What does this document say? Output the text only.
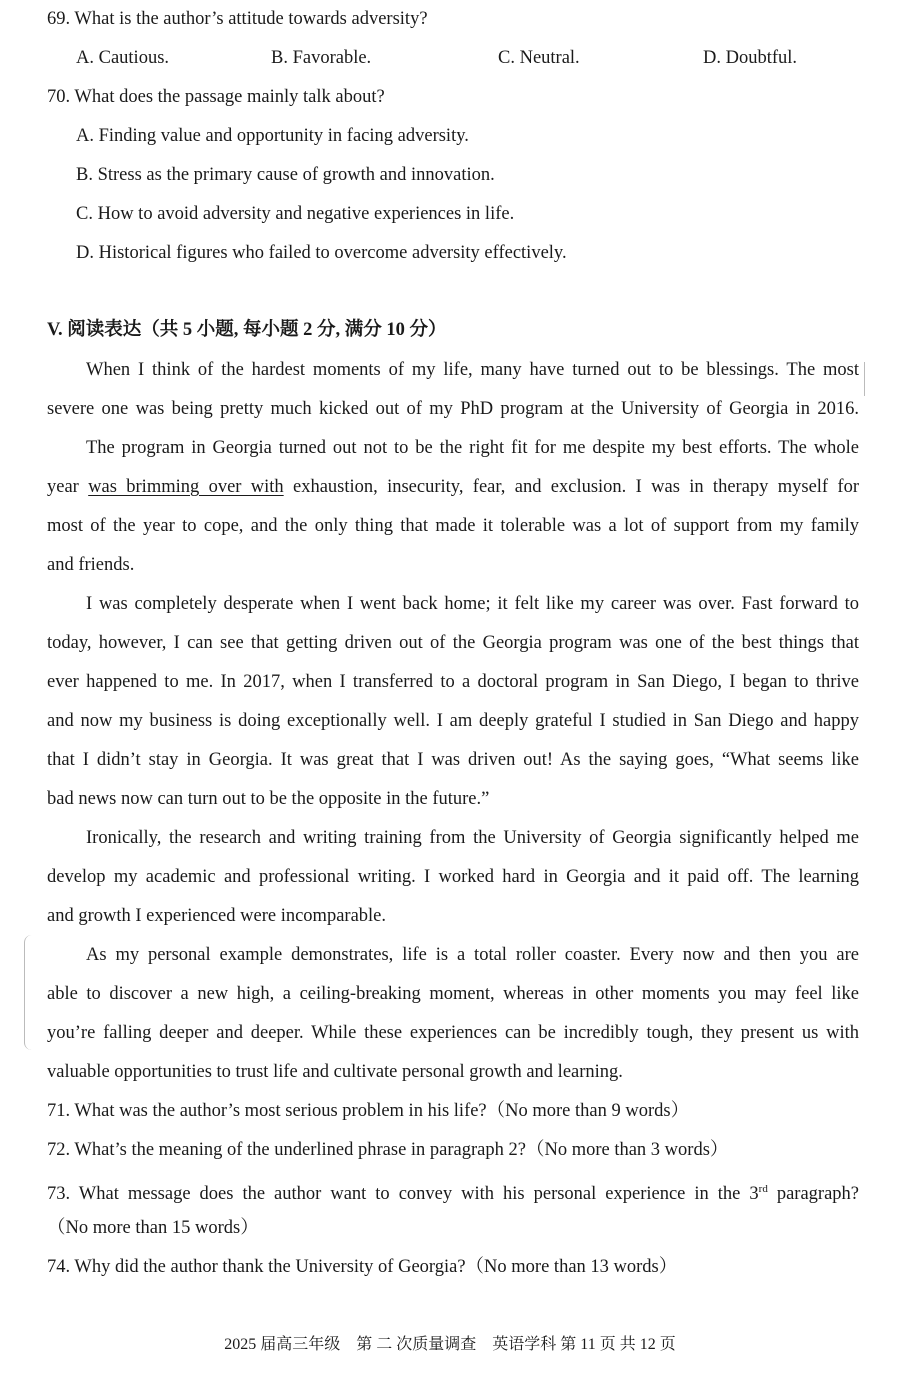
69. What is the author’s attitude towards adversity?
A. Cautious.	B. Favorable.	C. Neutral.	D. Doubtful.
70. What does the passage mainly talk about?
A. Finding value and opportunity in facing adversity.
B. Stress as the primary cause of growth and innovation.
C. How to avoid adversity and negative experiences in life.
D. Historical figures who failed to overcome adversity effectively.
V. 阅读表达（共 5 小题, 每小题 2 分, 满分 10 分）
When I think of the hardest moments of my life, many have turned out to be blessings. The most
severe one was being pretty much kicked out of my PhD program at the University of Georgia in 2016.
The program in Georgia turned out not to be the right fit for me despite my best efforts. The whole
year was brimming over with exhaustion, insecurity, fear, and exclusion. I was in therapy myself for
most of the year to cope, and the only thing that made it tolerable was a lot of support from my family
and friends.
I was completely desperate when I went back home; it felt like my career was over. Fast forward to
today, however, I can see that getting driven out of the Georgia program was one of the best things that
ever happened to me. In 2017, when I transferred to a doctoral program in San Diego, I began to thrive
and now my business is doing exceptionally well. I am deeply grateful I studied in San Diego and happy
that I didn’t stay in Georgia. It was great that I was driven out! As the saying goes, “What seems like
bad news now can turn out to be the opposite in the future.”
Ironically, the research and writing training from the University of Georgia significantly helped me
develop my academic and professional writing. I worked hard in Georgia and it paid off. The learning
and growth I experienced were incomparable.
As my personal example demonstrates, life is a total roller coaster. Every now and then you are
able to discover a new high, a ceiling-breaking moment, whereas in other moments you may feel like
you’re falling deeper and deeper. While these experiences can be incredibly tough, they present us with
valuable opportunities to trust life and cultivate personal growth and learning.
71. What was the author’s most serious problem in his life?（No more than 9 words）
72. What’s the meaning of the underlined phrase in paragraph 2?（No more than 3 words）
73. What message does the author want to convey with his personal experience in the 3rd paragraph?
（No more than 15 words）
74. Why did the author thank the University of Georgia?（No more than 13 words）
2025 届高三年级　第 二 次质量调查　英语学科 第 11 页 共 12 页
